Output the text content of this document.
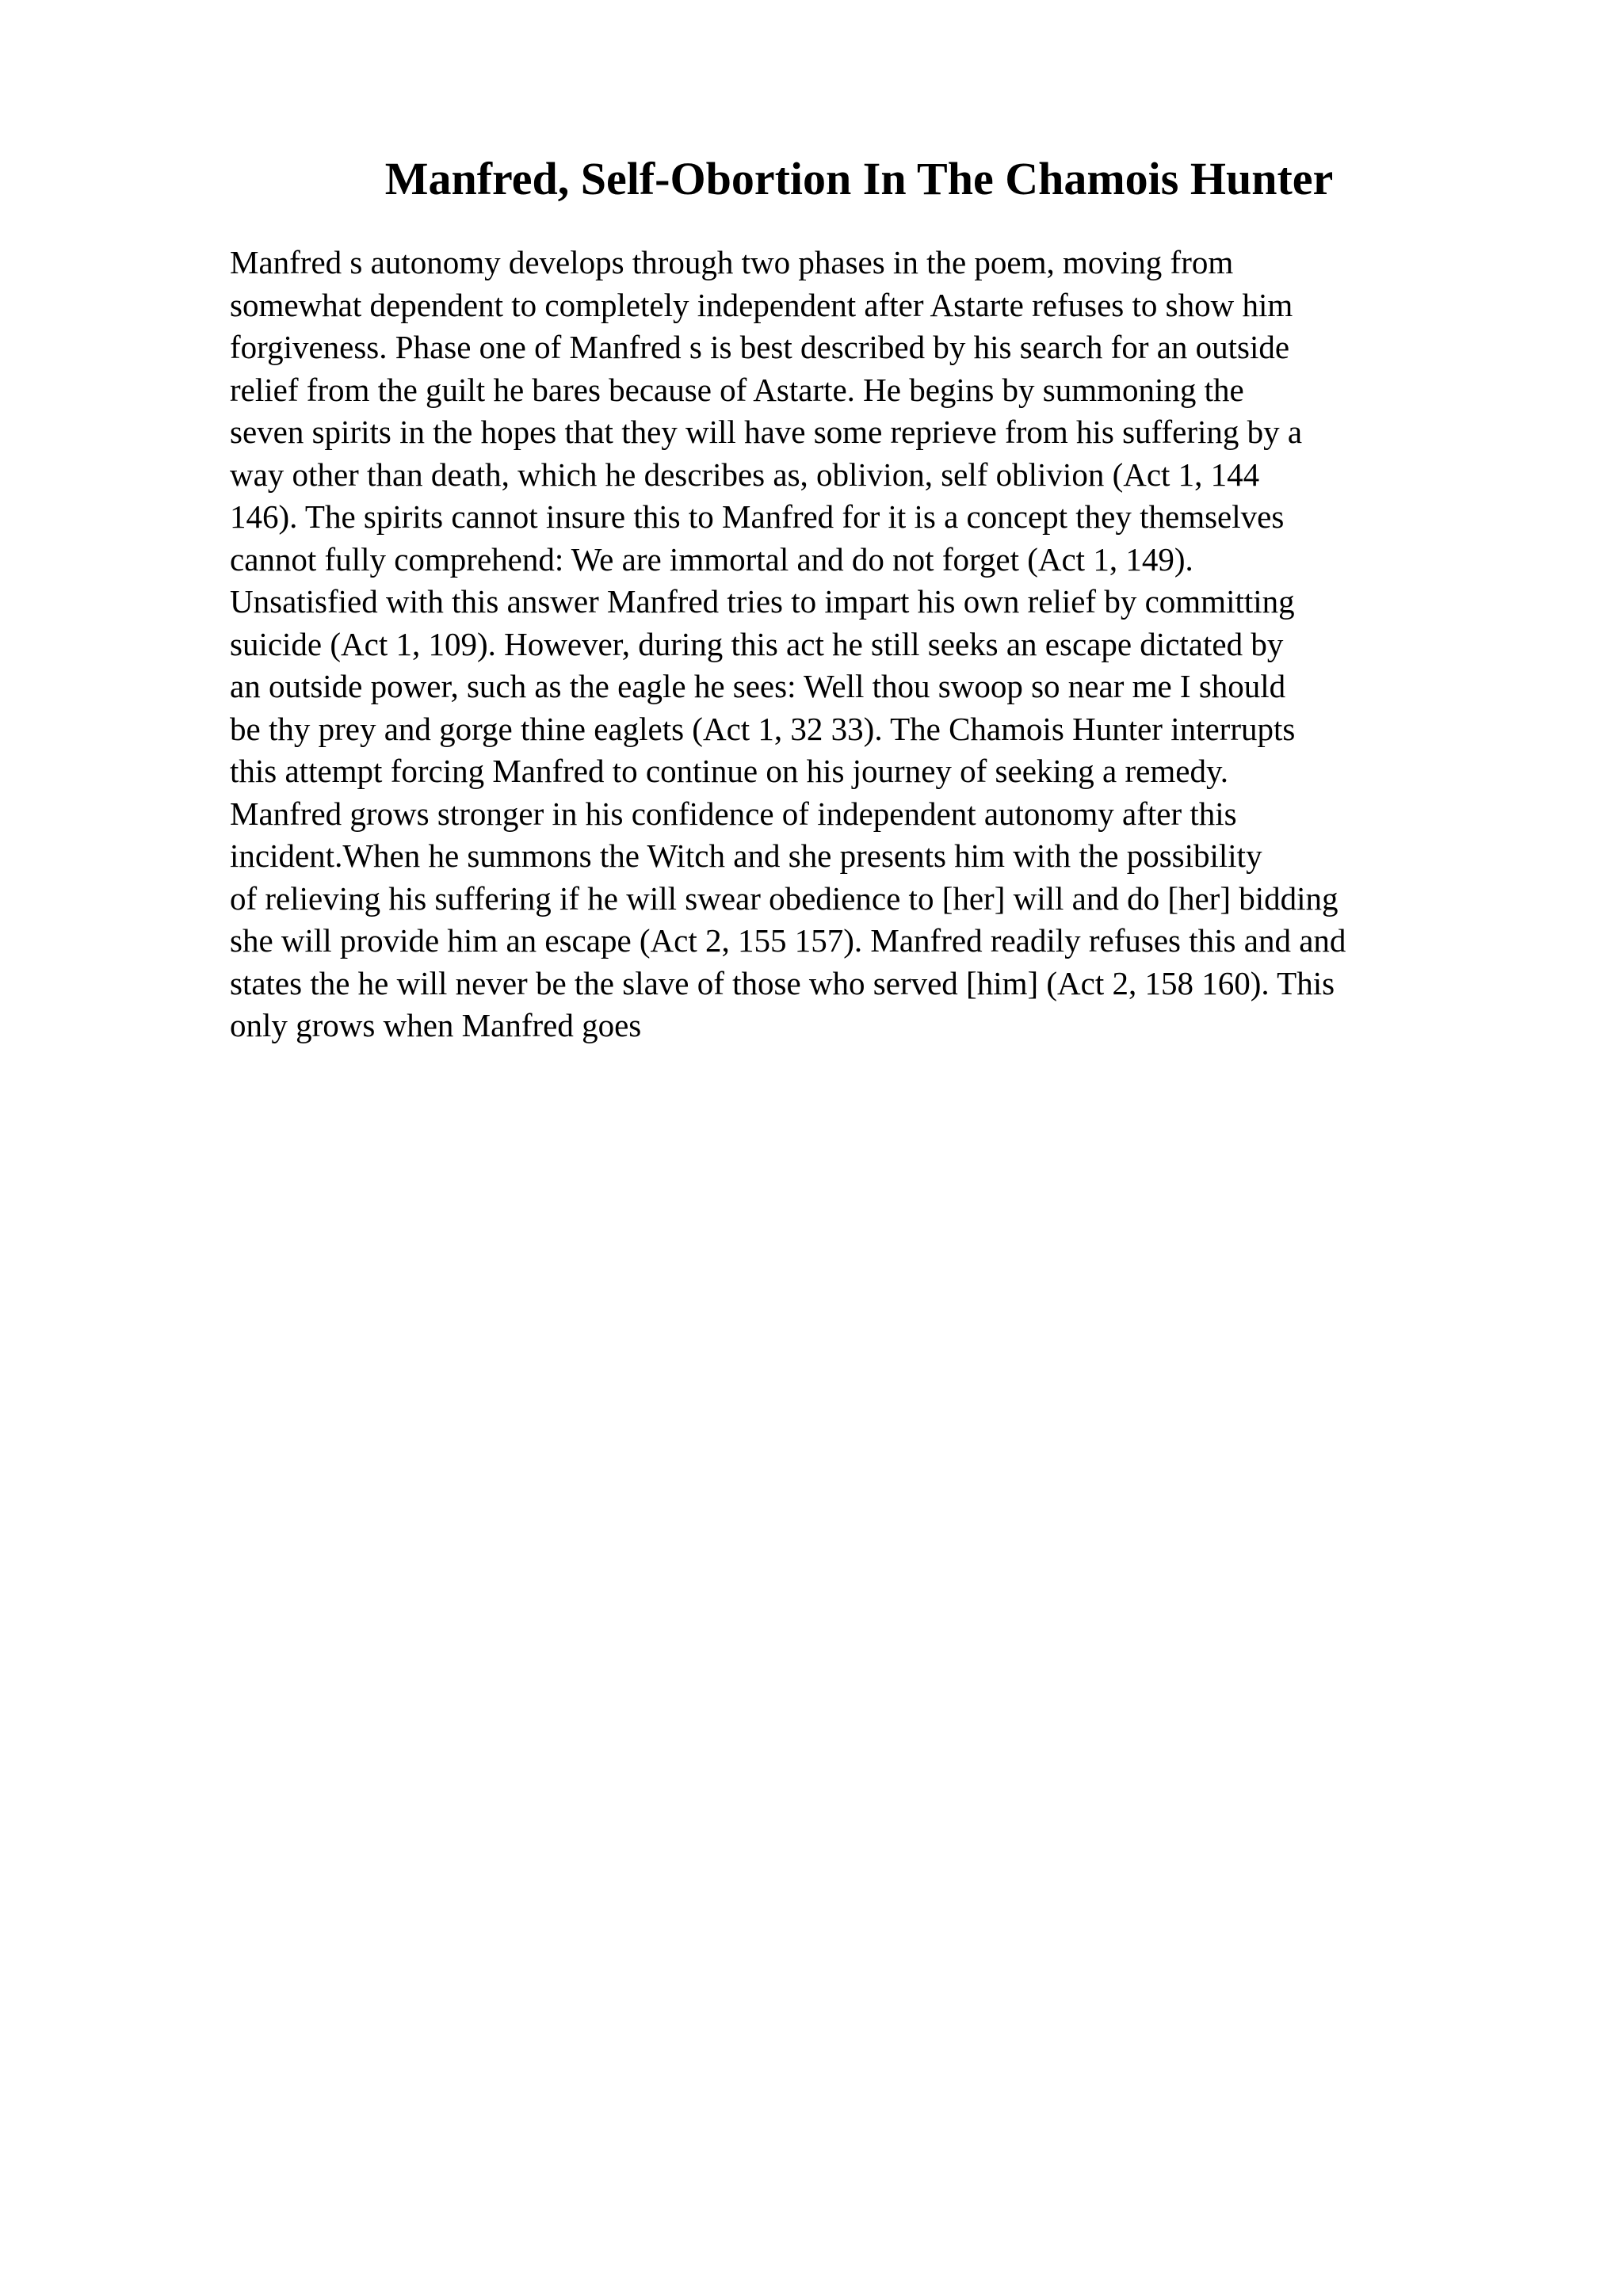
Manfred, Self-Obortion In The Chamois Hunter
Manfred s autonomy develops through two phases in the poem, moving from
somewhat dependent to completely independent after Astarte refuses to show him
forgiveness. Phase one of Manfred s is best described by his search for an outside
relief from the guilt he bares because of Astarte. He begins by summoning the
seven spirits in the hopes that they will have some reprieve from his suffering by a
way other than death, which he describes as, oblivion, self oblivion (Act 1, 144
146). The spirits cannot insure this to Manfred for it is a concept they themselves
cannot fully comprehend: We are immortal and do not forget (Act 1, 149).
Unsatisfied with this answer Manfred tries to impart his own relief by committing
suicide (Act 1, 109). However, during this act he still seeks an escape dictated by
an outside power, such as the eagle he sees: Well thou swoop so near me I should
be thy prey and gorge thine eaglets (Act 1, 32 33). The Chamois Hunter interrupts
this attempt forcing Manfred to continue on his journey of seeking a remedy.
Manfred grows stronger in his confidence of independent autonomy after this
incident.When he summons the Witch and she presents him with the possibility
of relieving his suffering if he will swear obedience to [her] will and do [her] bidding
she will provide him an escape (Act 2, 155 157). Manfred readily refuses this and and
states the he will never be the slave of those who served [him] (Act 2, 158 160). This
only grows when Manfred goes
